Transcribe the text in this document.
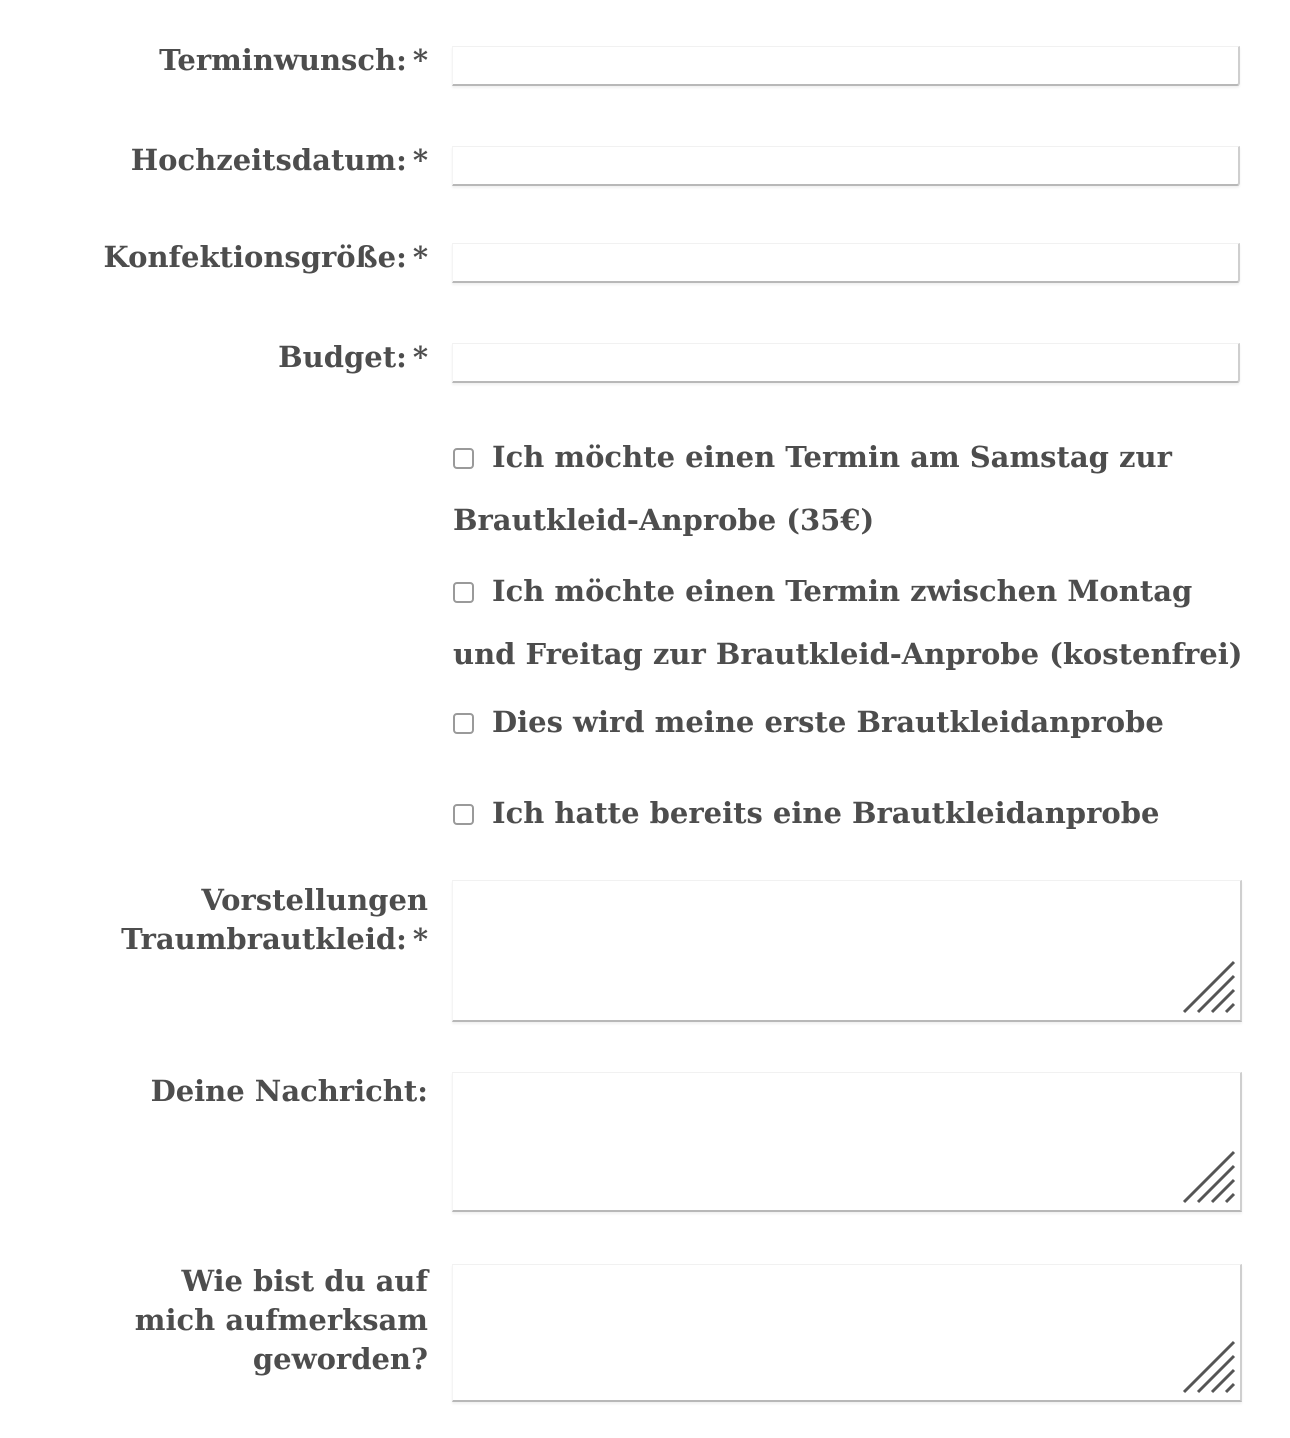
Terminwunsch: *
Hochzeitsdatum: *
Konfektionsgröße: *
Budget: *
Ich möchte einen Termin am Samstag zur Brautkleid-Anprobe (35€)
Ich möchte einen Termin zwischen Montag und Freitag zur Brautkleid-Anprobe (kostenfrei)
Dies wird meine erste Brautkleidanprobe
Ich hatte bereits eine Brautkleidanprobe
Vorstellungen
Traumbrautkleid: *
Deine Nachricht:
Wie bist du auf
mich aufmerksam
geworden?
